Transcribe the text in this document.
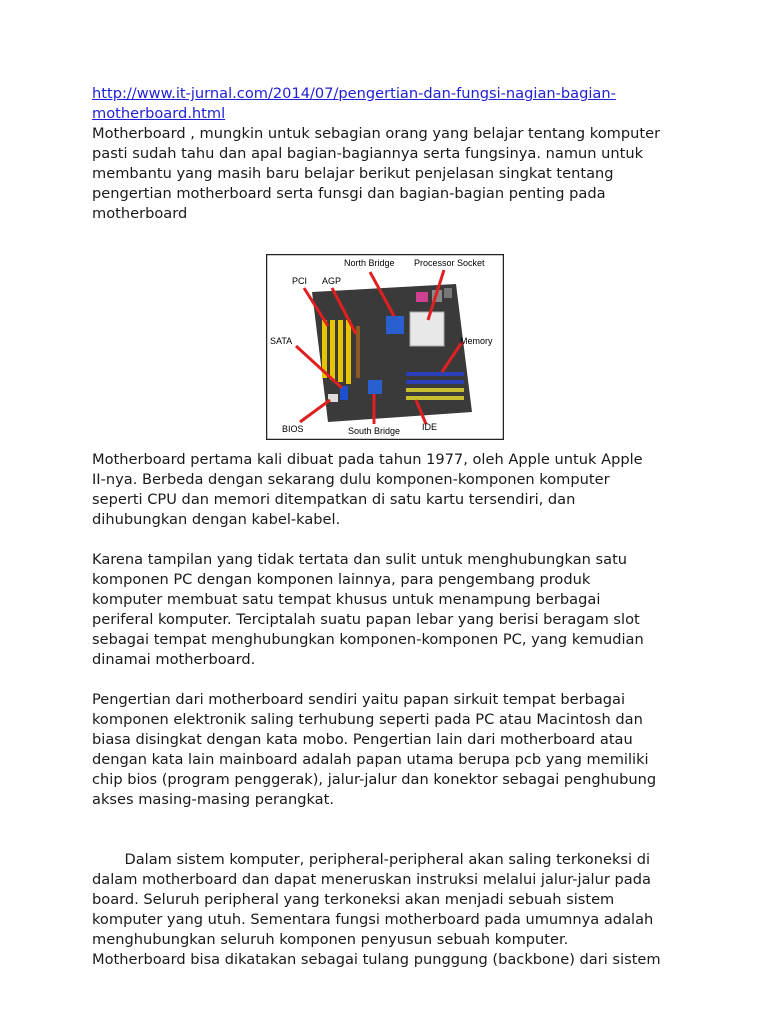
http://www.it-jurnal.com/2014/07/pengertian-dan-fungsi-nagian-bagian-
motherboard.html

Motherboard , mungkin untuk sebagian orang yang belajar tentang komputer
pasti sudah tahu dan apal bagian-bagiannya serta fungsinya. namun untuk
membantu yang masih baru belajar berikut penjelasan singkat tentang
pengertian motherboard serta funsgi dan bagian-bagian penting pada
motherboard

North Bridge Processor Socket
PCI AGP
SATA	Memory
BIOS	South Bridge IDE

Motherboard pertama kali dibuat pada tahun 1977, oleh Apple untuk Apple
II-nya. Berbeda dengan sekarang dulu komponen-komponen komputer
seperti CPU dan memori ditempatkan di satu kartu tersendiri, dan
dihubungkan dengan kabel-kabel.

Karena tampilan yang tidak tertata dan sulit untuk menghubungkan satu
komponen PC dengan komponen lainnya, para pengembang produk
komputer membuat satu tempat khusus untuk menampung berbagai
periferal komputer. Terciptalah suatu papan lebar yang berisi beragam slot
sebagai tempat menghubungkan komponen-komponen PC, yang kemudian
dinamai motherboard.

Pengertian dari motherboard sendiri yaitu papan sirkuit tempat berbagai
komponen elektronik saling terhubung seperti pada PC atau Macintosh dan
biasa disingkat dengan kata mobo. Pengertian lain dari motherboard atau
dengan kata lain mainboard adalah papan utama berupa pcb yang memiliki
chip bios (program penggerak), jalur-jalur dan konektor sebagai penghubung
akses masing-masing perangkat.

Dalam sistem komputer, peripheral-peripheral akan saling terkoneksi di
dalam motherboard dan dapat meneruskan instruksi melalui jalur-jalur pada
board. Seluruh peripheral yang terkoneksi akan menjadi sebuah sistem
komputer yang utuh. Sementara fungsi motherboard pada umumnya adalah
menghubungkan seluruh komponen penyusun sebuah komputer.
Motherboard bisa dikatakan sebagai tulang punggung (backbone) dari sistem
